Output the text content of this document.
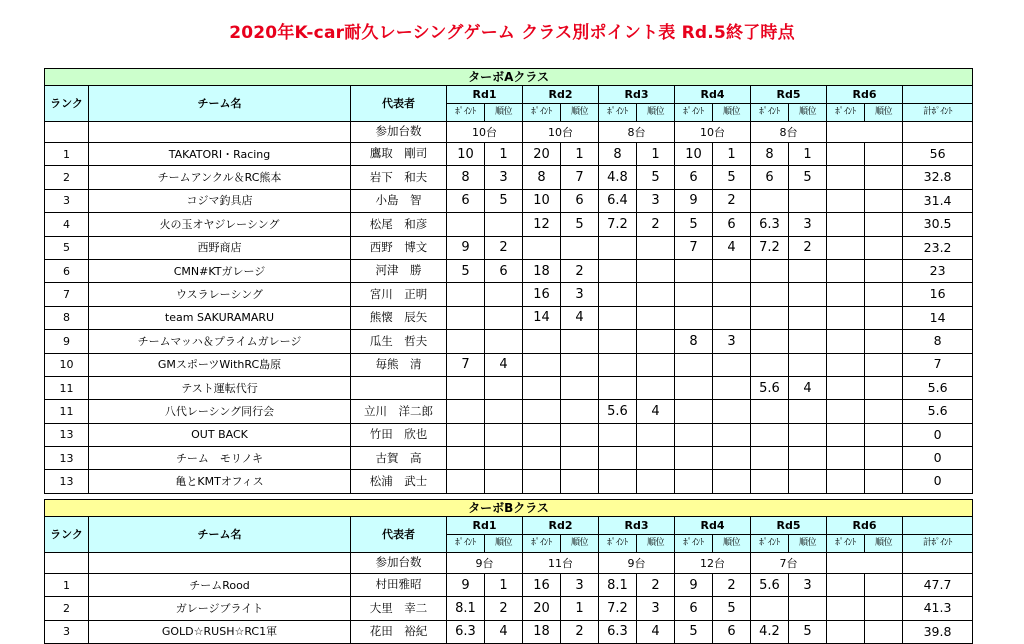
2020年K-car耐久レーシングゲーム クラス別ポイント表 Rd.5終了時点
ターボAクラス															
ランク	チーム名	代表者	Rd1		Rd2		Rd3		Rd4		Rd5		Rd6		
			ﾎﾟｲﾝﾄ	順位	ﾎﾟｲﾝﾄ	順位	ﾎﾟｲﾝﾄ	順位	ﾎﾟｲﾝﾄ	順位	ﾎﾟｲﾝﾄ	順位	ﾎﾟｲﾝﾄ	順位	計ﾎﾟｲﾝﾄ
		参加台数	10台		10台		8台		10台		8台				
1	TAKATORI・Racing	鷹取　剛司	10	1	20	1	8	1	10	1	8	1			56
2	チームアンクル＆RC熊本	岩下　和夫	8	3	8	7	4.8	5	6	5	6	5			32.8
3	コジマ釣具店	小島　智	6	5	10	6	6.4	3	9	2					31.4
4	火の玉オヤジレーシング	松尾　和彦			12	5	7.2	2	5	6	6.3	3			30.5
5	西野商店	西野　博文	9	2					7	4	7.2	2			23.2
6	CMN#KTガレージ	河津　勝	5	6	18	2									23
7	ウスラレーシング	宮川　正明			16	3									16
8	team SAKURAMARU	熊懐　辰矢			14	4									14
9	チームマッハ＆プライムガレージ	瓜生　哲夫							8	3					8
10	GMスポーツWithRC島原	毎熊　清	7	4											7
11	テスト運転代行										5.6	4			5.6
11	八代レーシング同行会	立川　洋二郎					5.6	4							5.6
13	OUT BACK	竹田　欣也													0
13	チーム　モリノキ	古賀　高													0
13	亀とKMTオフィス	松浦　武士													0
ターボBクラス															
ランク	チーム名	代表者	Rd1		Rd2		Rd3		Rd4		Rd5		Rd6		
			ﾎﾟｲﾝﾄ	順位	ﾎﾟｲﾝﾄ	順位	ﾎﾟｲﾝﾄ	順位	ﾎﾟｲﾝﾄ	順位	ﾎﾟｲﾝﾄ	順位	ﾎﾟｲﾝﾄ	順位	計ﾎﾟｲﾝﾄ
		参加台数	9台		11台		9台		12台		7台				
1	チームRood	村田雅昭	9	1	16	3	8.1	2	9	2	5.6	3			47.7
2	ガレージブライト	大里　幸二	8.1	2	20	1	7.2	3	6	5					41.3
3	GOLD☆RUSH☆RC1軍	花田　裕紀	6.3	4	18	2	6.3	4	5	6	4.2	5			39.8
